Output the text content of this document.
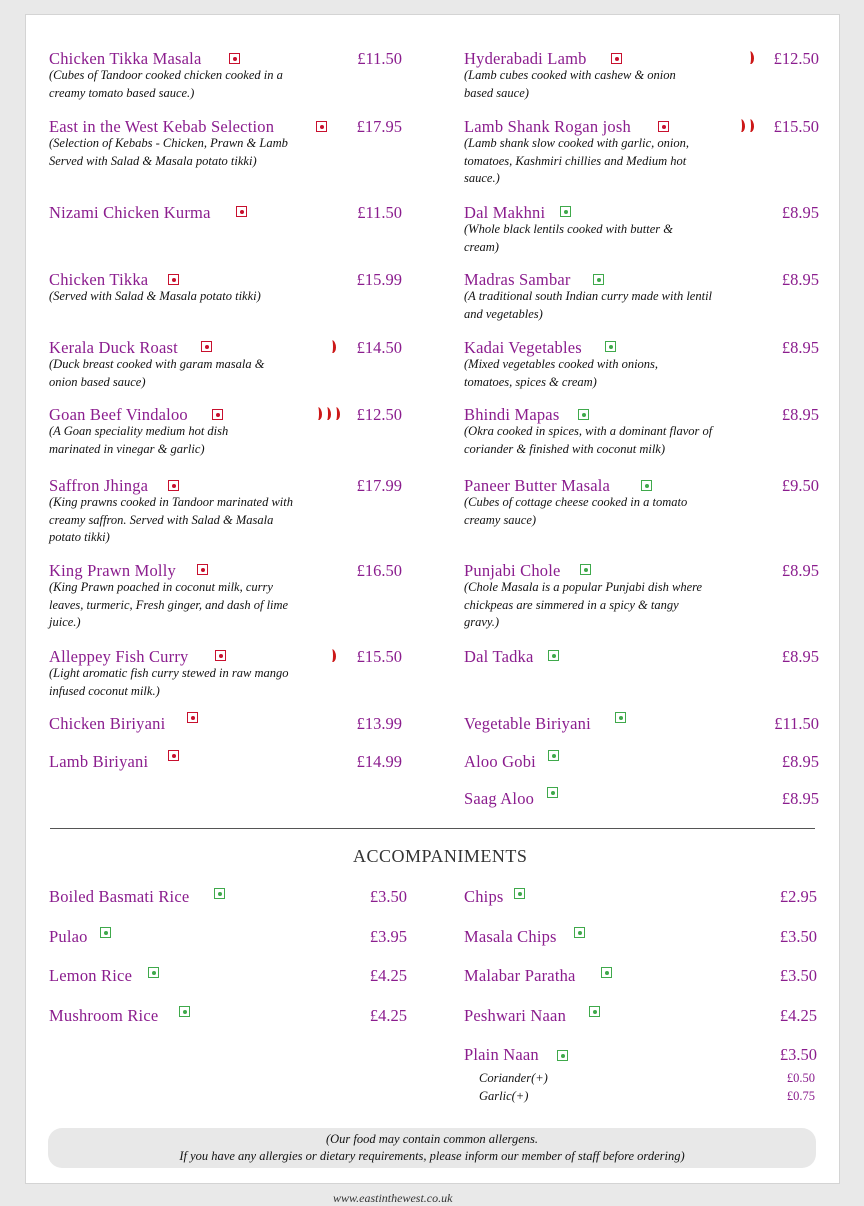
Chicken Tikka Masala	£11.50
(Cubes of Tandoor cooked chicken cooked in a creamy tomato based sauce.)
East in the West Kebab Selection	£17.95
(Selection of Kebabs - Chicken, Prawn & Lamb Served with Salad & Masala potato tikki)
Nizami Chicken Kurma	£11.50
Chicken Tikka	£15.99
(Served with Salad & Masala potato tikki)
Kerala Duck Roast	£14.50
(Duck breast cooked with garam masala & onion based sauce)
Goan Beef Vindaloo	£12.50
(A Goan speciality medium hot dish marinated in vinegar & garlic)
Saffron Jhinga	£17.99
(King prawns cooked in Tandoor marinated with creamy saffron. Served with Salad & Masala potato tikki)
King Prawn Molly	£16.50
(King Prawn poached in coconut milk, curry leaves, turmeric, Fresh ginger, and dash of lime juice.)
Alleppey Fish Curry	£15.50
(Light aromatic fish curry stewed in raw mango infused coconut milk.)
Chicken Biriyani	£13.99
Lamb Biriyani	£14.99
Hyderabadi Lamb	£12.50
(Lamb cubes cooked with cashew & onion based sauce)
Lamb Shank Rogan josh	£15.50
(Lamb shank slow cooked with garlic, onion, tomatoes, Kashmiri chillies and Medium hot sauce.)
Dal Makhni	£8.95
(Whole black lentils cooked with butter & cream)
Madras Sambar	£8.95
(A traditional south Indian curry made with lentil and vegetables)
Kadai Vegetables	£8.95
(Mixed vegetables cooked with onions, tomatoes, spices & cream)
Bhindi Mapas	£8.95
(Okra cooked in spices, with a dominant flavor of coriander & finished with coconut milk)
Paneer Butter Masala	£9.50
(Cubes of cottage cheese cooked in a tomato creamy sauce)
Punjabi Chole	£8.95
(Chole Masala is a popular Punjabi dish where chickpeas are simmered in a spicy & tangy gravy.)
Dal Tadka	£8.95
Vegetable Biriyani	£11.50
Aloo Gobi	£8.95
Saag Aloo	£8.95
ACCOMPANIMENTS
Boiled Basmati Rice	£3.50
Pulao	£3.95
Lemon Rice	£4.25
Mushroom Rice	£4.25
Chips	£2.95
Masala Chips	£3.50
Malabar Paratha	£3.50
Peshwari Naan	£4.25
Plain Naan	£3.50
Coriander(+)	£0.50
Garlic(+)	£0.75
(Our food may contain common allergens.
If you have any allergies or dietary requirements, please inform our member of staff before ordering)
www.eastinthewest.co.uk
